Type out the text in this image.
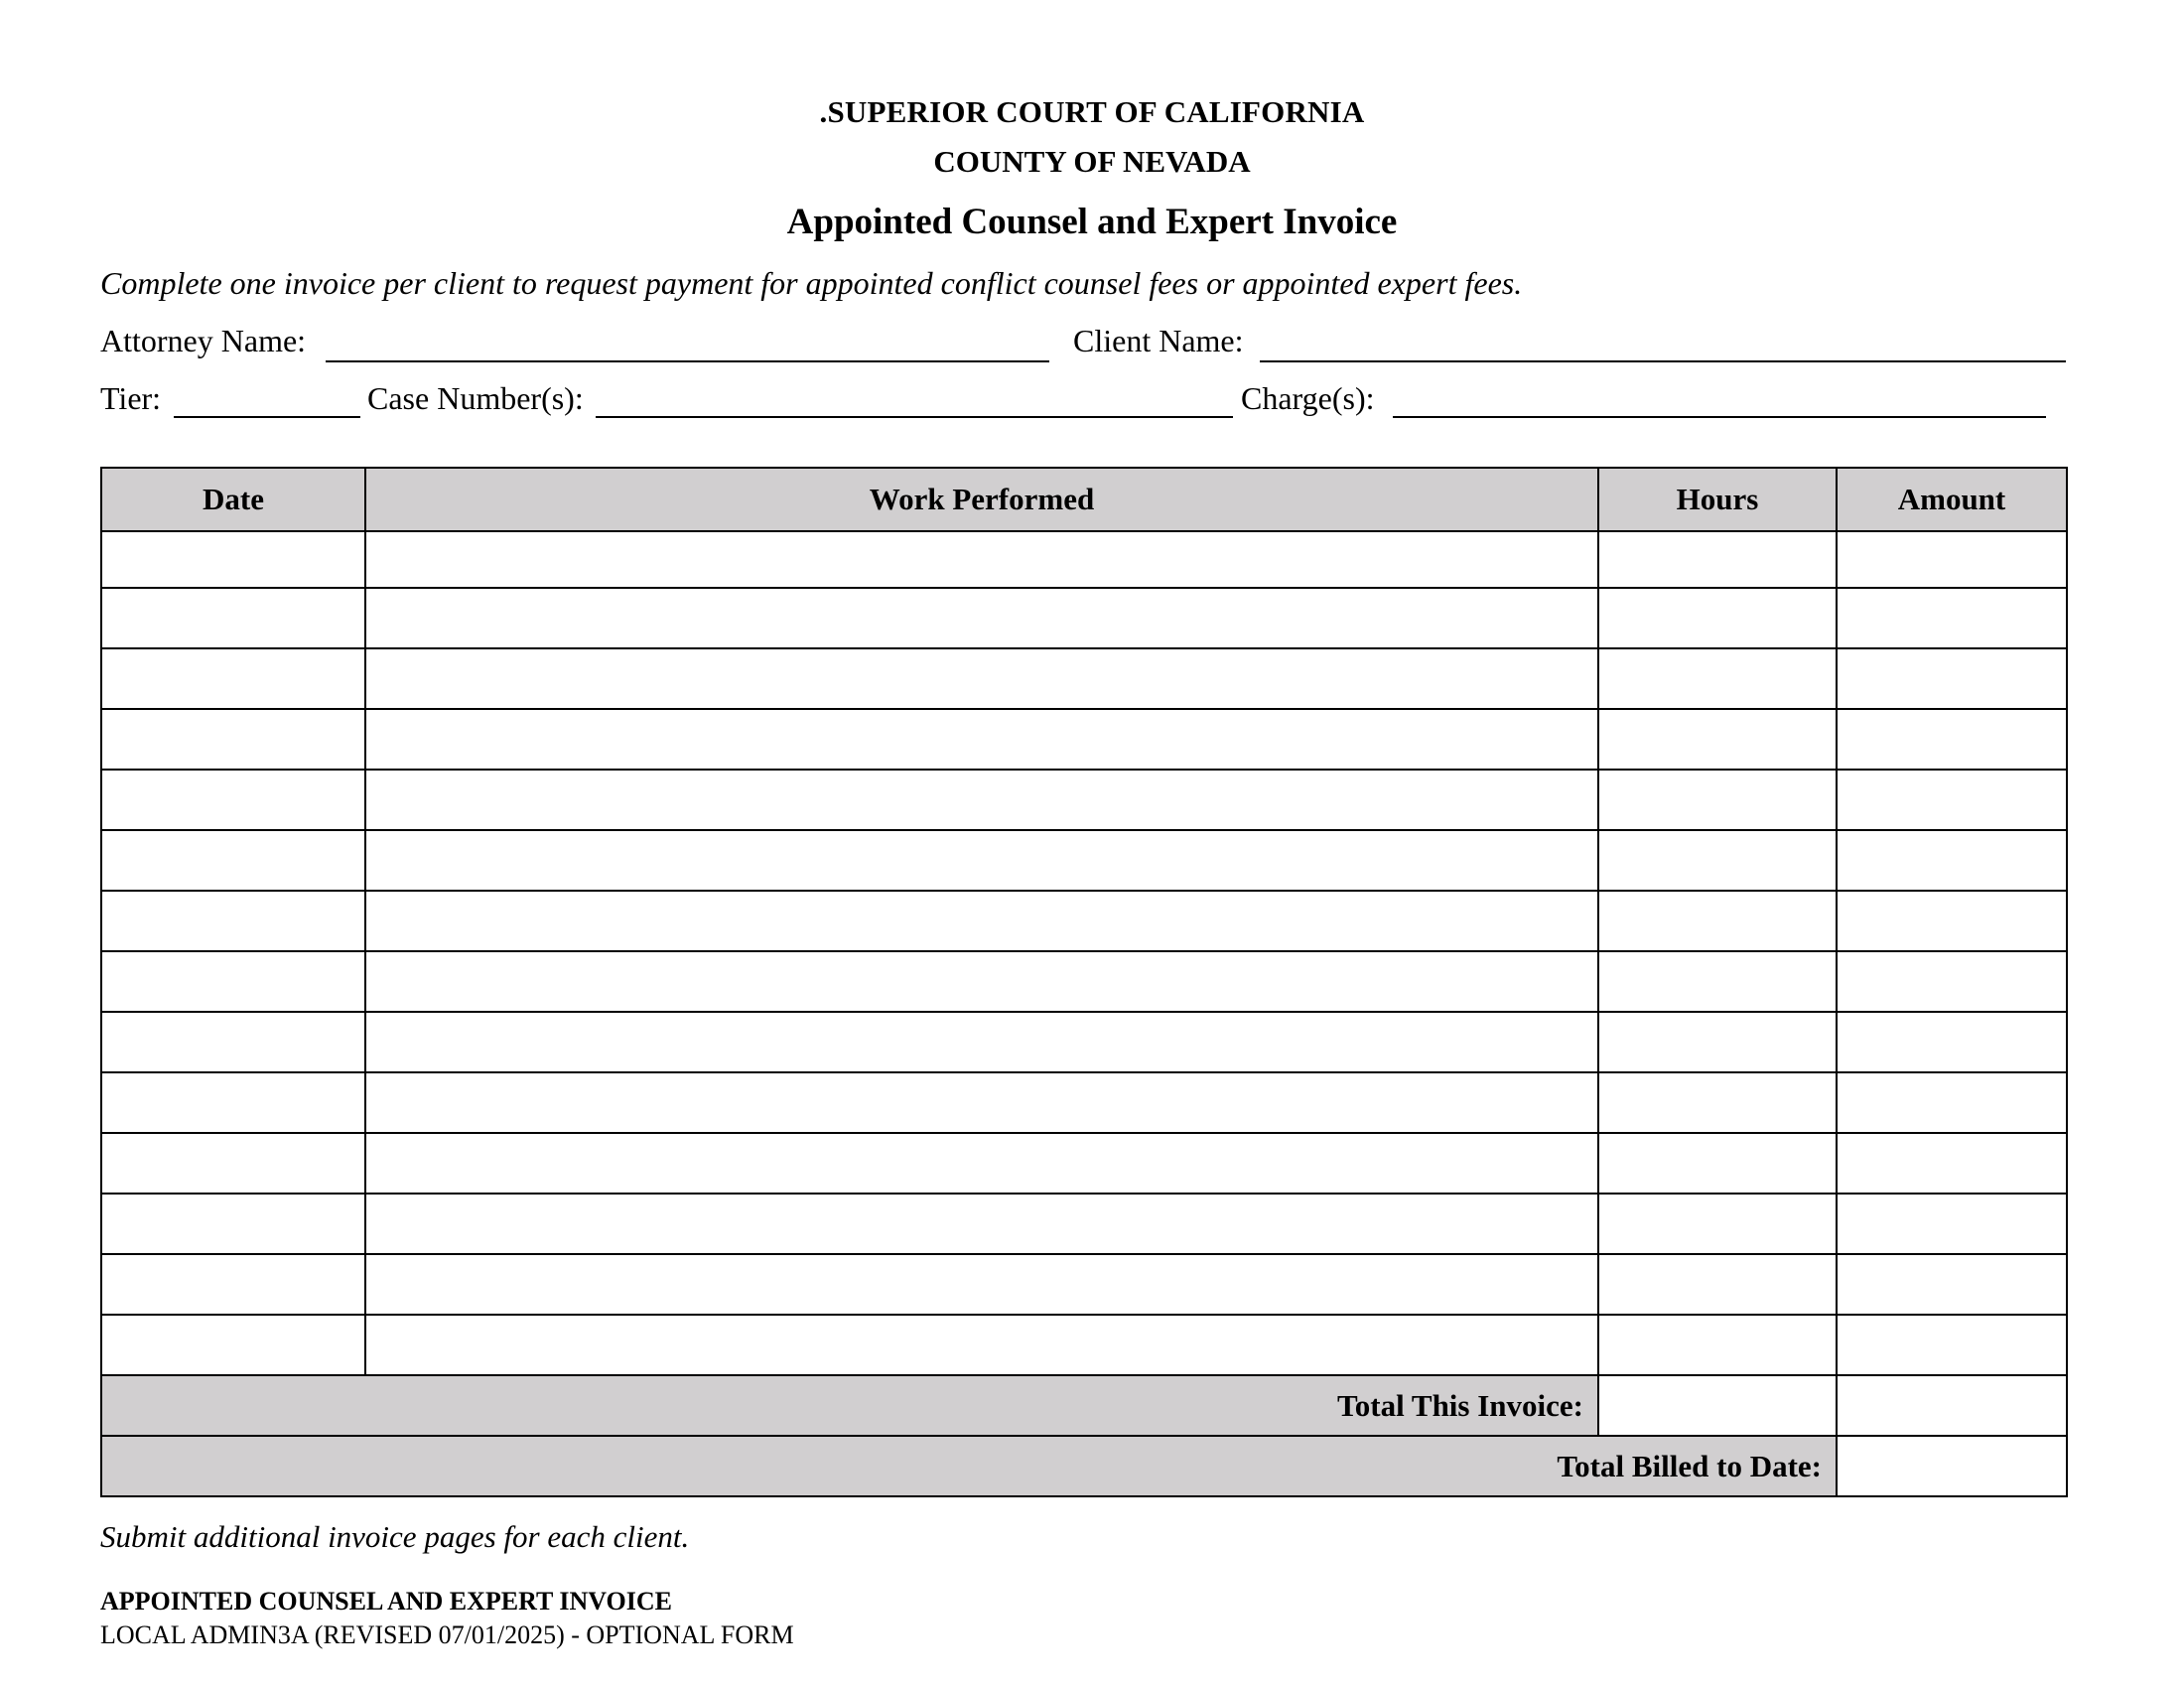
.SUPERIOR COURT OF CALIFORNIA
COUNTY OF NEVADA
Appointed Counsel and Expert Invoice
Complete one invoice per client to request payment for appointed conflict counsel fees or appointed expert fees.
Attorney Name:	Client Name:
Tier:	Case Number(s):	Charge(s):
Date	Work Performed	Hours	Amount

Total This Invoice:			
Total Billed to Date:			
Submit additional invoice pages for each client.
APPOINTED COUNSEL AND EXPERT INVOICE
LOCAL ADMIN3A (REVISED 07/01/2025) - OPTIONAL FORM
